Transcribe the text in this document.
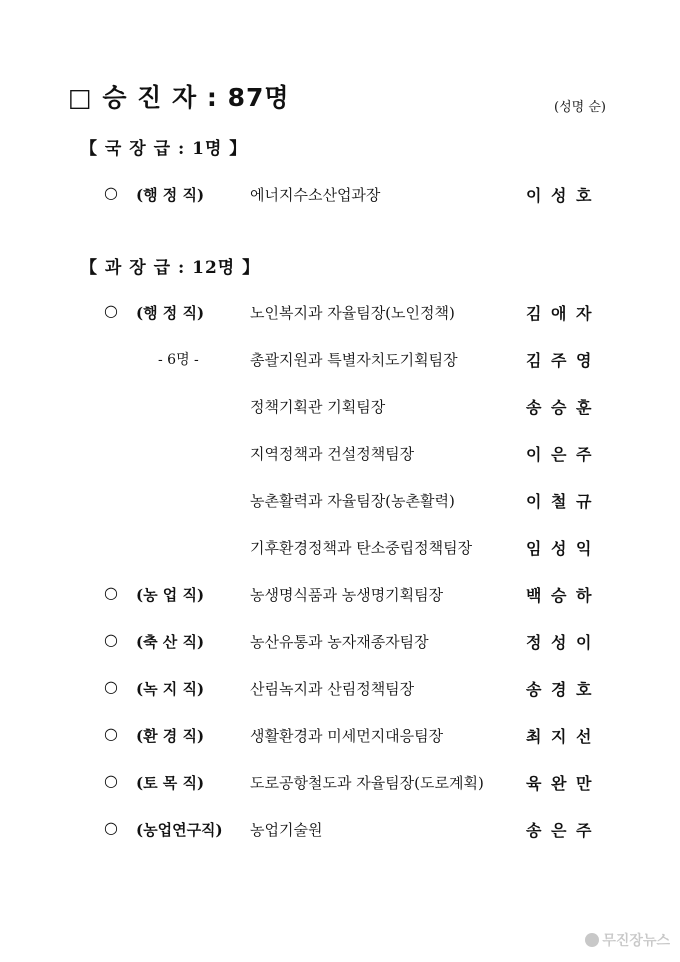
□ 승 진 자 : 87명	(성명 순)
【 국 장 급 : 1명 】
○ (행 정 직)	에너지수소산업과장	이 성 호
【 과 장 급 : 12명 】
○ (행 정 직)	노인복지과 자율팀장(노인정책)	김 애 자
- 6명 -	총괄지원과 특별자치도기획팀장	김 주 영
정책기획관 기획팀장	송 승 훈
지역정책과 건설정책팀장	이 은 주
농촌활력과 자율팀장(농촌활력)	이 철 규
기후환경정책과 탄소중립정책팀장	임 성 익
○ (농 업 직)	농생명식품과 농생명기획팀장	백 승 하
○ (축 산 직)	농산유통과 농자재종자팀장	정 성 이
○ (녹 지 직)	산림녹지과 산림정책팀장	송 경 호
○ (환 경 직)	생활환경과 미세먼지대응팀장	최 지 선
○ (토 목 직)	도로공항철도과 자율팀장(도로계획)	육 완 만
○ (농업연구직) 농업기술원	송 은 주
무진장뉴스
